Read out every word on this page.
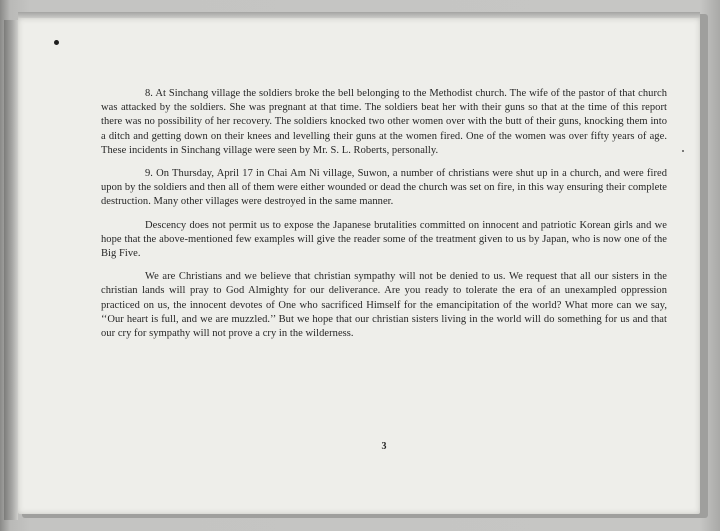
8. At Sinchang village the soldiers broke the bell belonging to the Methodist church. The wife of the pastor of that church was attacked by the soldiers. She was pregnant at that time. The soldiers beat her with their guns so that at the time of this report there was no possibility of her recovery. The soldiers knocked two other women over with the butt of their guns, knocking them into a ditch and getting down on their knees and levelling their guns at the women fired. One of the women was over fifty years of age. These incidents in Sinchang village were seen by Mr. S. L. Roberts, personally.

9. On Thursday, April 17 in Chai Am Ni village, Suwon, a number of christians were shut up in a church, and were fired upon by the soldiers and then all of them were either wounded or dead the church was set on fire, in this way ensuring their complete destruction. Many other villages were destroyed in the same manner.

Descency does not permit us to expose the Japanese brutalities committed on innocent and patriotic Korean girls and we hope that the above-mentioned few examples will give the reader some of the treatment given to us by Japan, who is now one of the Big Five.

We are Christians and we believe that christian sympathy will not be denied to us. We request that all our sisters in the christian lands will pray to God Almighty for our deliverance. Are you ready to tolerate the era of an unexampled oppression practiced on us, the innocent devotes of One who sacrificed Himself for the emancipitation of the world? What more can we say, ‘‘Our heart is full, and we are muzzled.’’ But we hope that our christian sisters living in the world will do something for us and that our cry for sympathy will not prove a cry in the wilderness.

3
